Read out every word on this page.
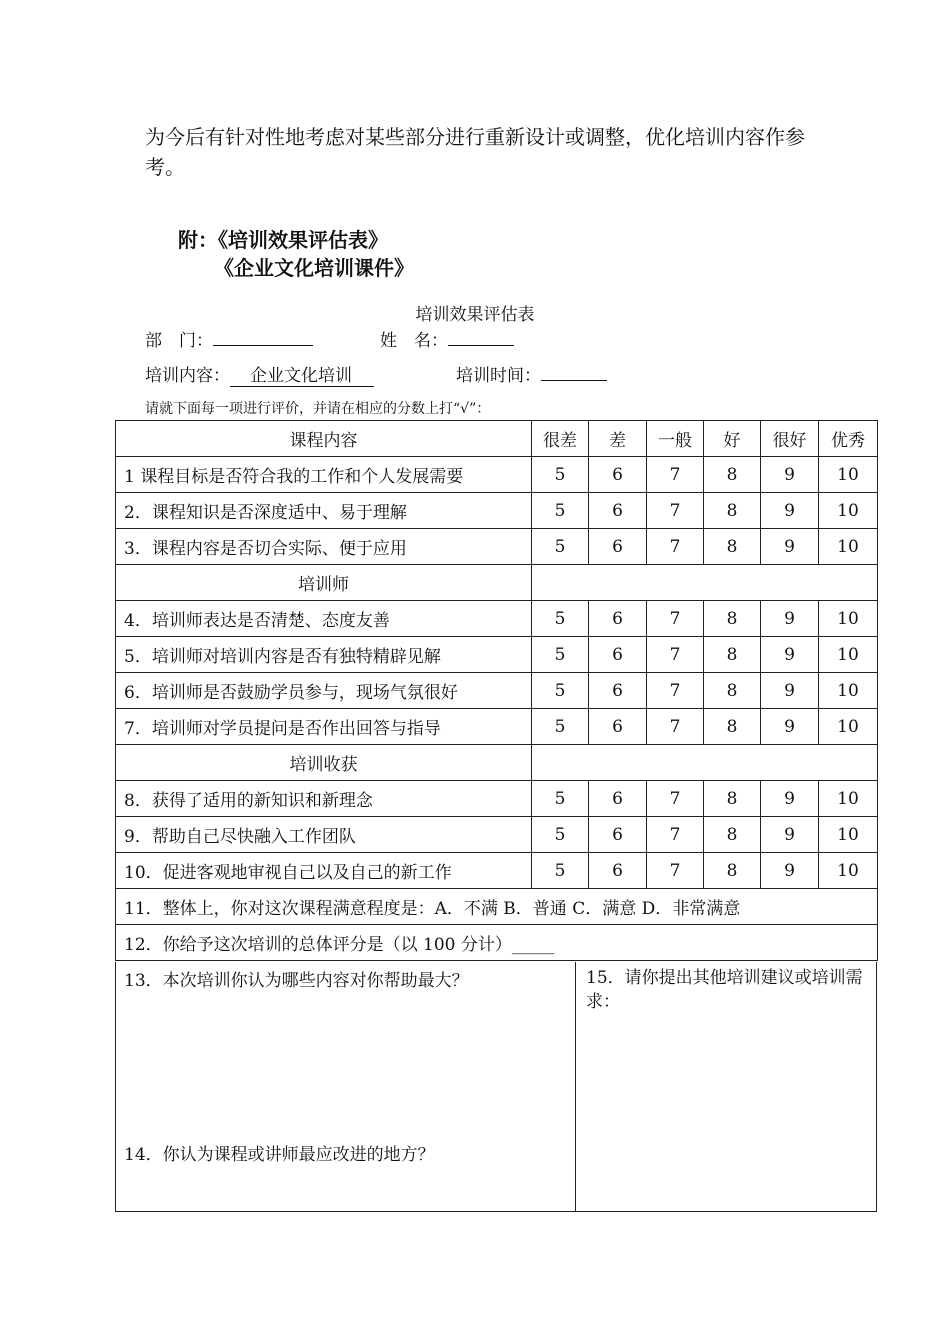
为今后有针对性地考虑对某些部分进行重新设计或调整，优化培训内容作参考。
附：《培训效果评估表》
《企业文化培训课件》
培训效果评估表
部　门：	姓　名：
培训内容： 企业文化培训	培训时间：
请就下面每一项进行评价，并请在相应的分数上打“√”：
课程内容	很差	差	一般	好	很好	优秀
1 课程目标是否符合我的工作和个人发展需要	5	6	7	8	9	10
2．课程知识是否深度适中、易于理解	5	6	7	8	9	10
3．课程内容是否切合实际、便于应用	5	6	7	8	9	10
培训师						
4．培训师表达是否清楚、态度友善	5	6	7	8	9	10
5．培训师对培训内容是否有独特精辟见解	5	6	7	8	9	10
6．培训师是否鼓励学员参与，现场气氛很好	5	6	7	8	9	10
7．培训师对学员提问是否作出回答与指导	5	6	7	8	9	10
培训收获						
8．获得了适用的新知识和新理念	5	6	7	8	9	10
9．帮助自己尽快融入工作团队	5	6	7	8	9	10
10．促进客观地审视自己以及自己的新工作	5	6	7	8	9	10
11．整体上，你对这次课程满意程度是：A．不满 B．普通 C．满意 D．非常满意						
12．你给予这次培训的总体评分是（以 100 分计）_____						
13．本次培训你认为哪些内容对你帮助最大？
14．你认为课程或讲师最应改进的地方？
15．请你提出其他培训建议或培训需求：
